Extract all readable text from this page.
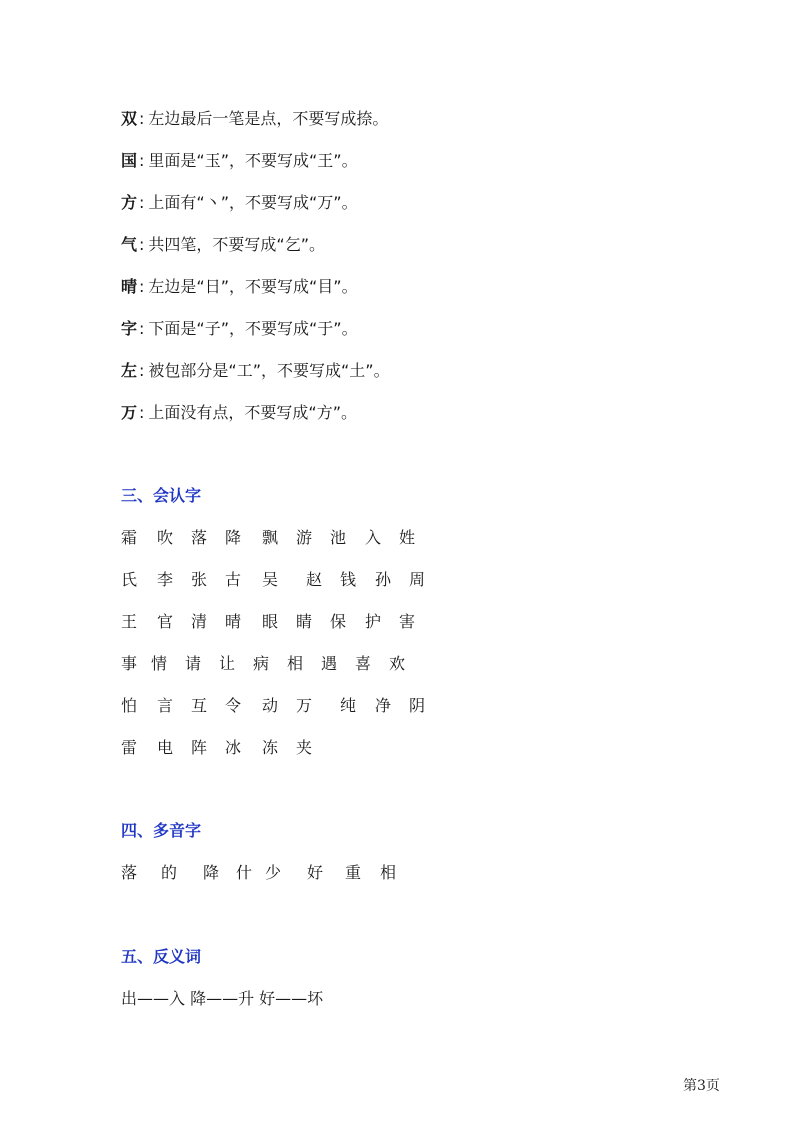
双 : 左边最后一笔是点，不要写成捺。
国 : 里面是“玉”，不要写成“王”。
方 : 上面有“丶”，不要写成“万”。
气 : 共四笔，不要写成“乞”。
晴 : 左边是“日”，不要写成“目”。
字 : 下面是“子”，不要写成“于”。
左 : 被包部分是“工”，不要写成“土”。
万 : 上面没有点，不要写成“方”。
三、会认字
霜 吹 落 降 飘 游 池 入 姓
氏 李 张 古 吴 赵 钱 孙 周
王 官 清 晴 眼 睛 保 护 害
事 情 请 让 病 相 遇 喜 欢
怕 言 互 令 动 万 纯 净 阴
雷 电 阵 冰 冻 夹
四、多音字
落 的 降 什 少 好 重 相
五、反义词
出——入 降——升 好——坏
第3页
